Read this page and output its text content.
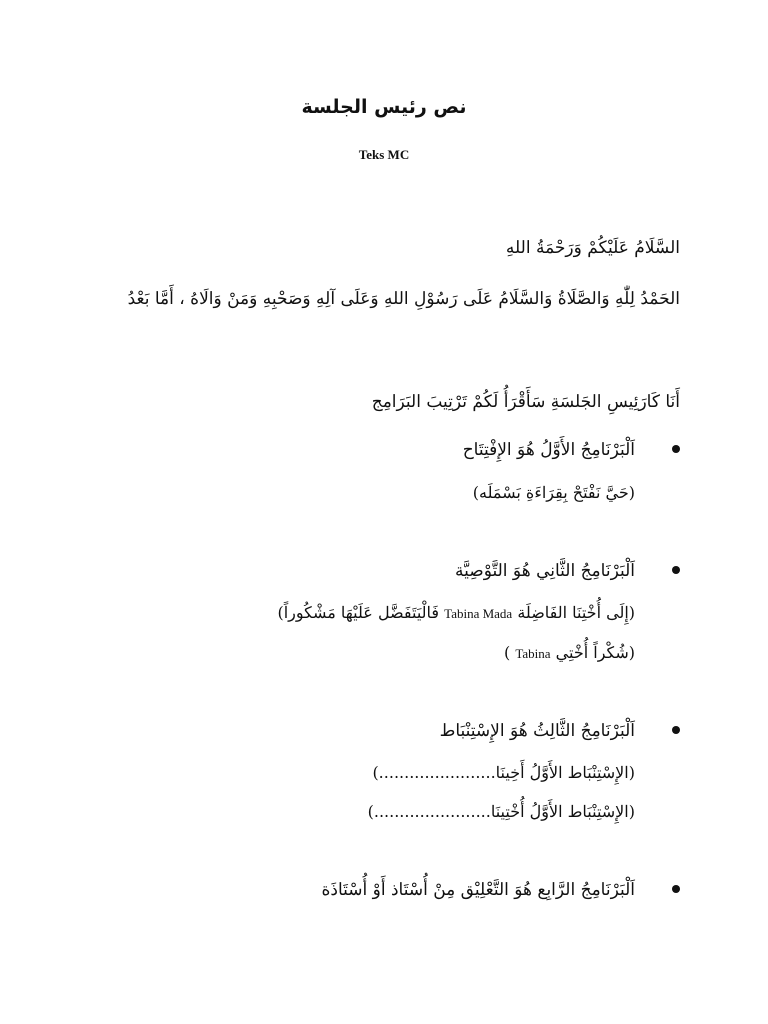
نص رئيس الجلسة
Teks MC
السَّلَامُ عَلَيْكُمْ وَرَحْمَةُ اللهِ
الحَمْدُ لِلّٰهِ وَالصَّلَاةُ وَالسَّلَامُ عَلَى رَسُوْلِ اللهِ وَعَلَى آلِهِ وَصَحْبِهِ وَمَنْ وَالَاهُ ، أَمَّا بَعْدُ
أَنَا كَارَئِيسِ الجَلسَةِ سَأَقْرَأُ لَكُمْ تَرْتِيبَ البَرَامِج
اَلْبَرْنَامِجُ الأَوَّلُ هُوَ الإِفْتِتَاح
(حَيَّ نَفْتَحْ بِقِرَاءَةِ بَسْمَلَه)
اَلْبَرْنَامِجُ الثَّانِي هُوَ التَّوْصِيَّة
(إِلَى أُخْتِنَا الفَاضِلَة Tabina Mada فَالْيَتَفَضَّل عَلَيْهَا مَشْكُوراً)
(شُكْراً أُخْتِي Tabina )
اَلْبَرْنَامِجُ الثَّالِثُ هُوَ الإِسْتِنْبَاط
(الإِسْتِنْبَاط الأَوَّلُ أَخِينَا.......................)
(الإِسْتِنْبَاط الأَوَّلُ أُخْتِينَا.......................)
اَلْبَرْنَامِجُ الرَّابِع هُوَ التَّعْلِيْق مِنْ أُسْتَاذ أَوْ أُسْتَاذَة
